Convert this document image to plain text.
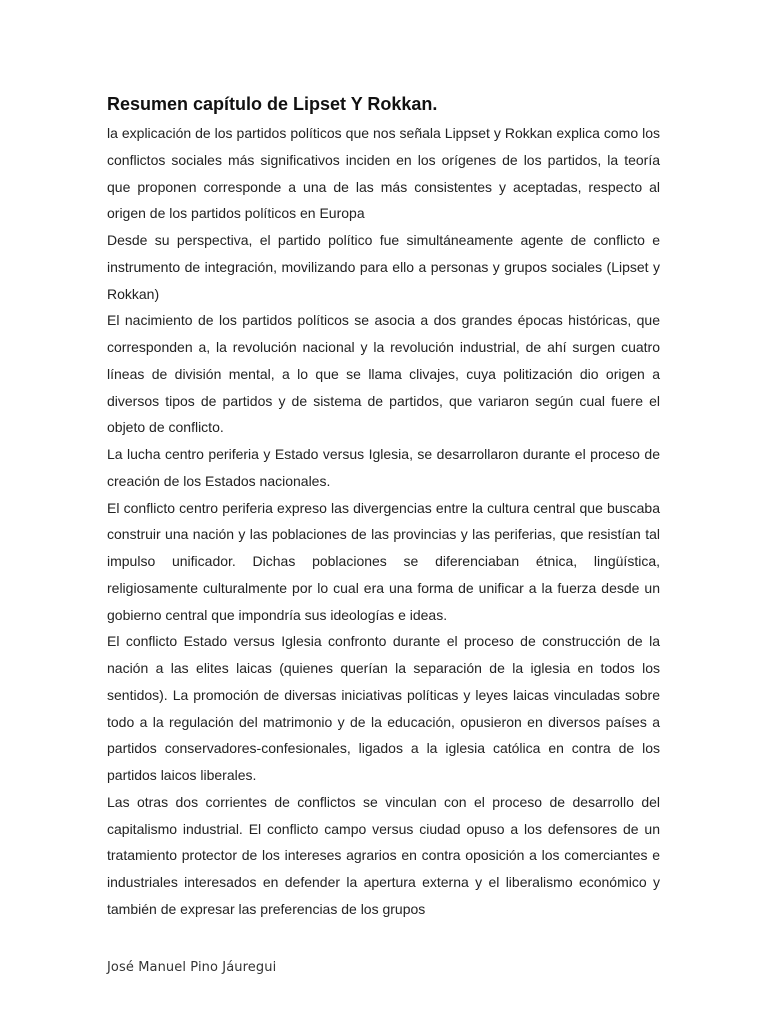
Resumen capítulo de Lipset Y Rokkan.

la explicación de los partidos políticos que nos señala Lippset y Rokkan explica como los conflictos sociales más significativos inciden en los orígenes de los partidos, la teoría que proponen corresponde a una de las más consistentes y aceptadas, respecto al origen de los partidos políticos en Europa

Desde su perspectiva, el partido político fue simultáneamente agente de conflicto e instrumento de integración, movilizando para ello a personas y grupos sociales (Lipset y Rokkan)

El nacimiento de los partidos políticos se asocia a dos grandes épocas históricas, que corresponden a, la revolución nacional y la revolución industrial, de ahí surgen cuatro líneas de división mental, a lo que se llama clivajes, cuya politización dio origen a diversos tipos de partidos y de sistema de partidos, que variaron según cual fuere el objeto de conflicto.

La lucha centro periferia y Estado versus Iglesia, se desarrollaron durante el proceso de creación de los Estados nacionales.

El conflicto centro periferia expreso las divergencias entre la cultura central que buscaba construir una nación y las poblaciones de las provincias y las periferias, que resistían tal impulso unificador. Dichas poblaciones se diferenciaban étnica, lingüística, religiosamente culturalmente por lo cual era una forma de unificar a la fuerza desde un gobierno central que impondría sus ideologías e ideas.

El conflicto Estado versus Iglesia confronto durante el proceso de construcción de la nación a las elites laicas (quienes querían la separación de la iglesia en todos los sentidos). La promoción de diversas iniciativas políticas y leyes laicas vinculadas sobre todo a la regulación del matrimonio y de la educación, opusieron en diversos países a partidos conservadores-confesionales, ligados a la iglesia católica en contra de los partidos laicos liberales.

Las otras dos corrientes de conflictos se vinculan con el proceso de desarrollo del capitalismo industrial. El conflicto campo versus ciudad opuso a los defensores de un tratamiento protector de los intereses agrarios en contra oposición a los comerciantes e industriales interesados en defender la apertura externa y el liberalismo económico y también de expresar las preferencias de los grupos

José Manuel Pino Jáuregui
